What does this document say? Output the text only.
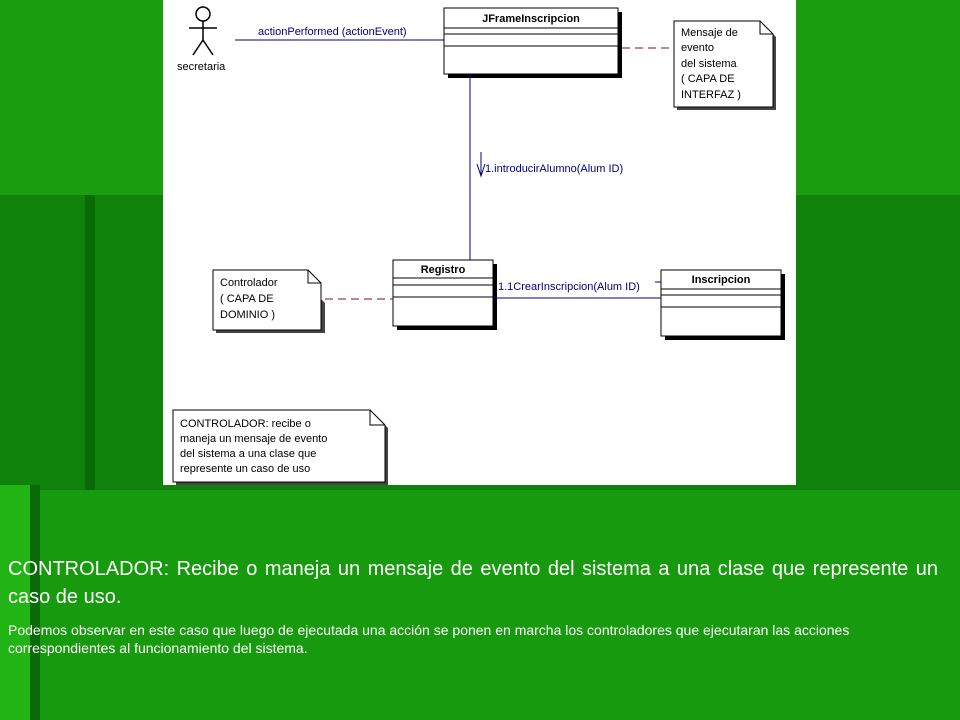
secretaria
actionPerformed (actionEvent)
JFrameInscripcion
Mensaje de
evento
del sistema
( CAPA DE
INTERFAZ )
1.introducirAlumno(Alum ID)
Registro
1.1CrearInscripcion(Alum ID)
Inscripcion
Controlador
( CAPA DE
DOMINIO )
CONTROLADOR: recibe o
maneja un mensaje de evento
del sistema a una clase que
represente un caso de uso

CONTROLADOR: Recibe o maneja un mensaje de evento del sistema a una clase que represente un caso de uso.

Podemos observar en este caso que luego de ejecutada una acción se ponen en marcha los controladores que ejecutaran las acciones correspondientes al funcionamiento del sistema.
